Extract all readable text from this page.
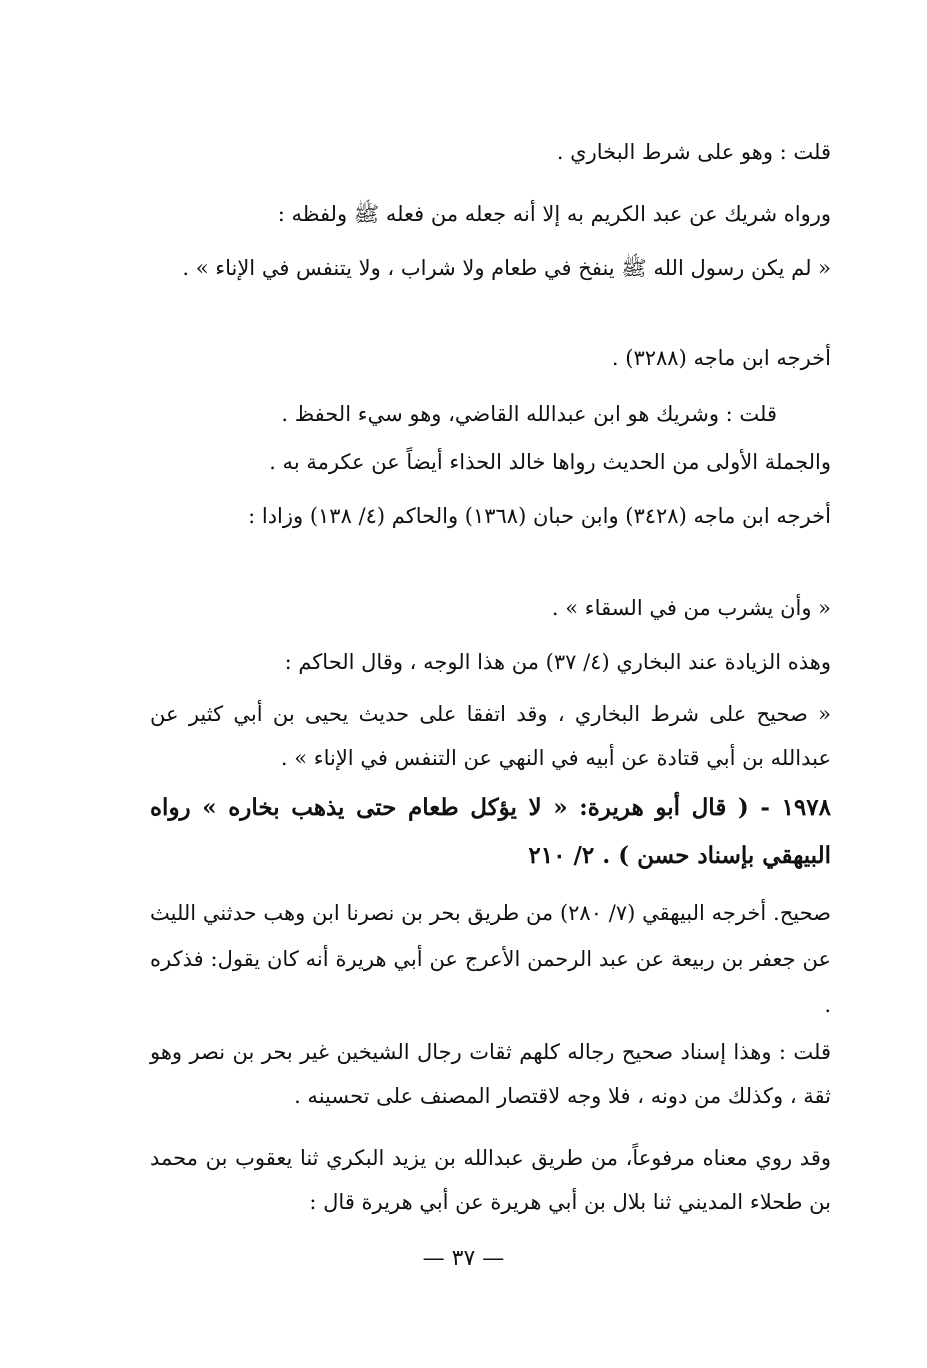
قلت : وهو على شرط البخاري .
ورواه شريك عن عبد الكريم به إلا أنه جعله من فعله ﷺ ولفظه :
« لم يكن رسول الله ﷺ ينفخ في طعام ولا شراب ، ولا يتنفس في الإناء » .
أخرجه ابن ماجه (٣٢٨٨) .
قلت : وشريك هو ابن عبدالله القاضي، وهو سيء الحفظ .
والجملة الأولى من الحديث رواها خالد الحذاء أيضاً عن عكرمة به .
أخرجه ابن ماجه (٣٤٢٨) وابن حبان (١٣٦٨) والحاكم (٤/ ١٣٨) وزادا :
« وأن يشرب من في السقاء » .
وهذه الزيادة عند البخاري (٤/ ٣٧) من هذا الوجه ، وقال الحاكم :
« صحيح على شرط البخاري ، وقد اتفقا على حديث يحيى بن أبي كثير عن عبدالله بن أبي قتادة عن أبيه في النهي عن التنفس في الإناء » .
١٩٧٨ - ( قال أبو هريرة: « لا يؤكل طعام حتى يذهب بخاره » رواه البيهقي بإسناد حسن ) . ٢/ ٢١٠
صحيح. أخرجه البيهقي (٧/ ٢٨٠) من طريق بحر بن نصرنا ابن وهب حدثني الليث عن جعفر بن ربيعة عن عبد الرحمن الأعرج عن أبي هريرة أنه كان يقول: فذكره .
قلت : وهذا إسناد صحيح رجاله كلهم ثقات رجال الشيخين غير بحر بن نصر وهو ثقة ، وكذلك من دونه ، فلا وجه لاقتصار المصنف على تحسينه .
وقد روي معناه مرفوعاً، من طريق عبدالله بن يزيد البكري ثنا يعقوب بن محمد بن طحلاء المديني ثنا بلال بن أبي هريرة عن أبي هريرة قال :
— ٣٧ —
